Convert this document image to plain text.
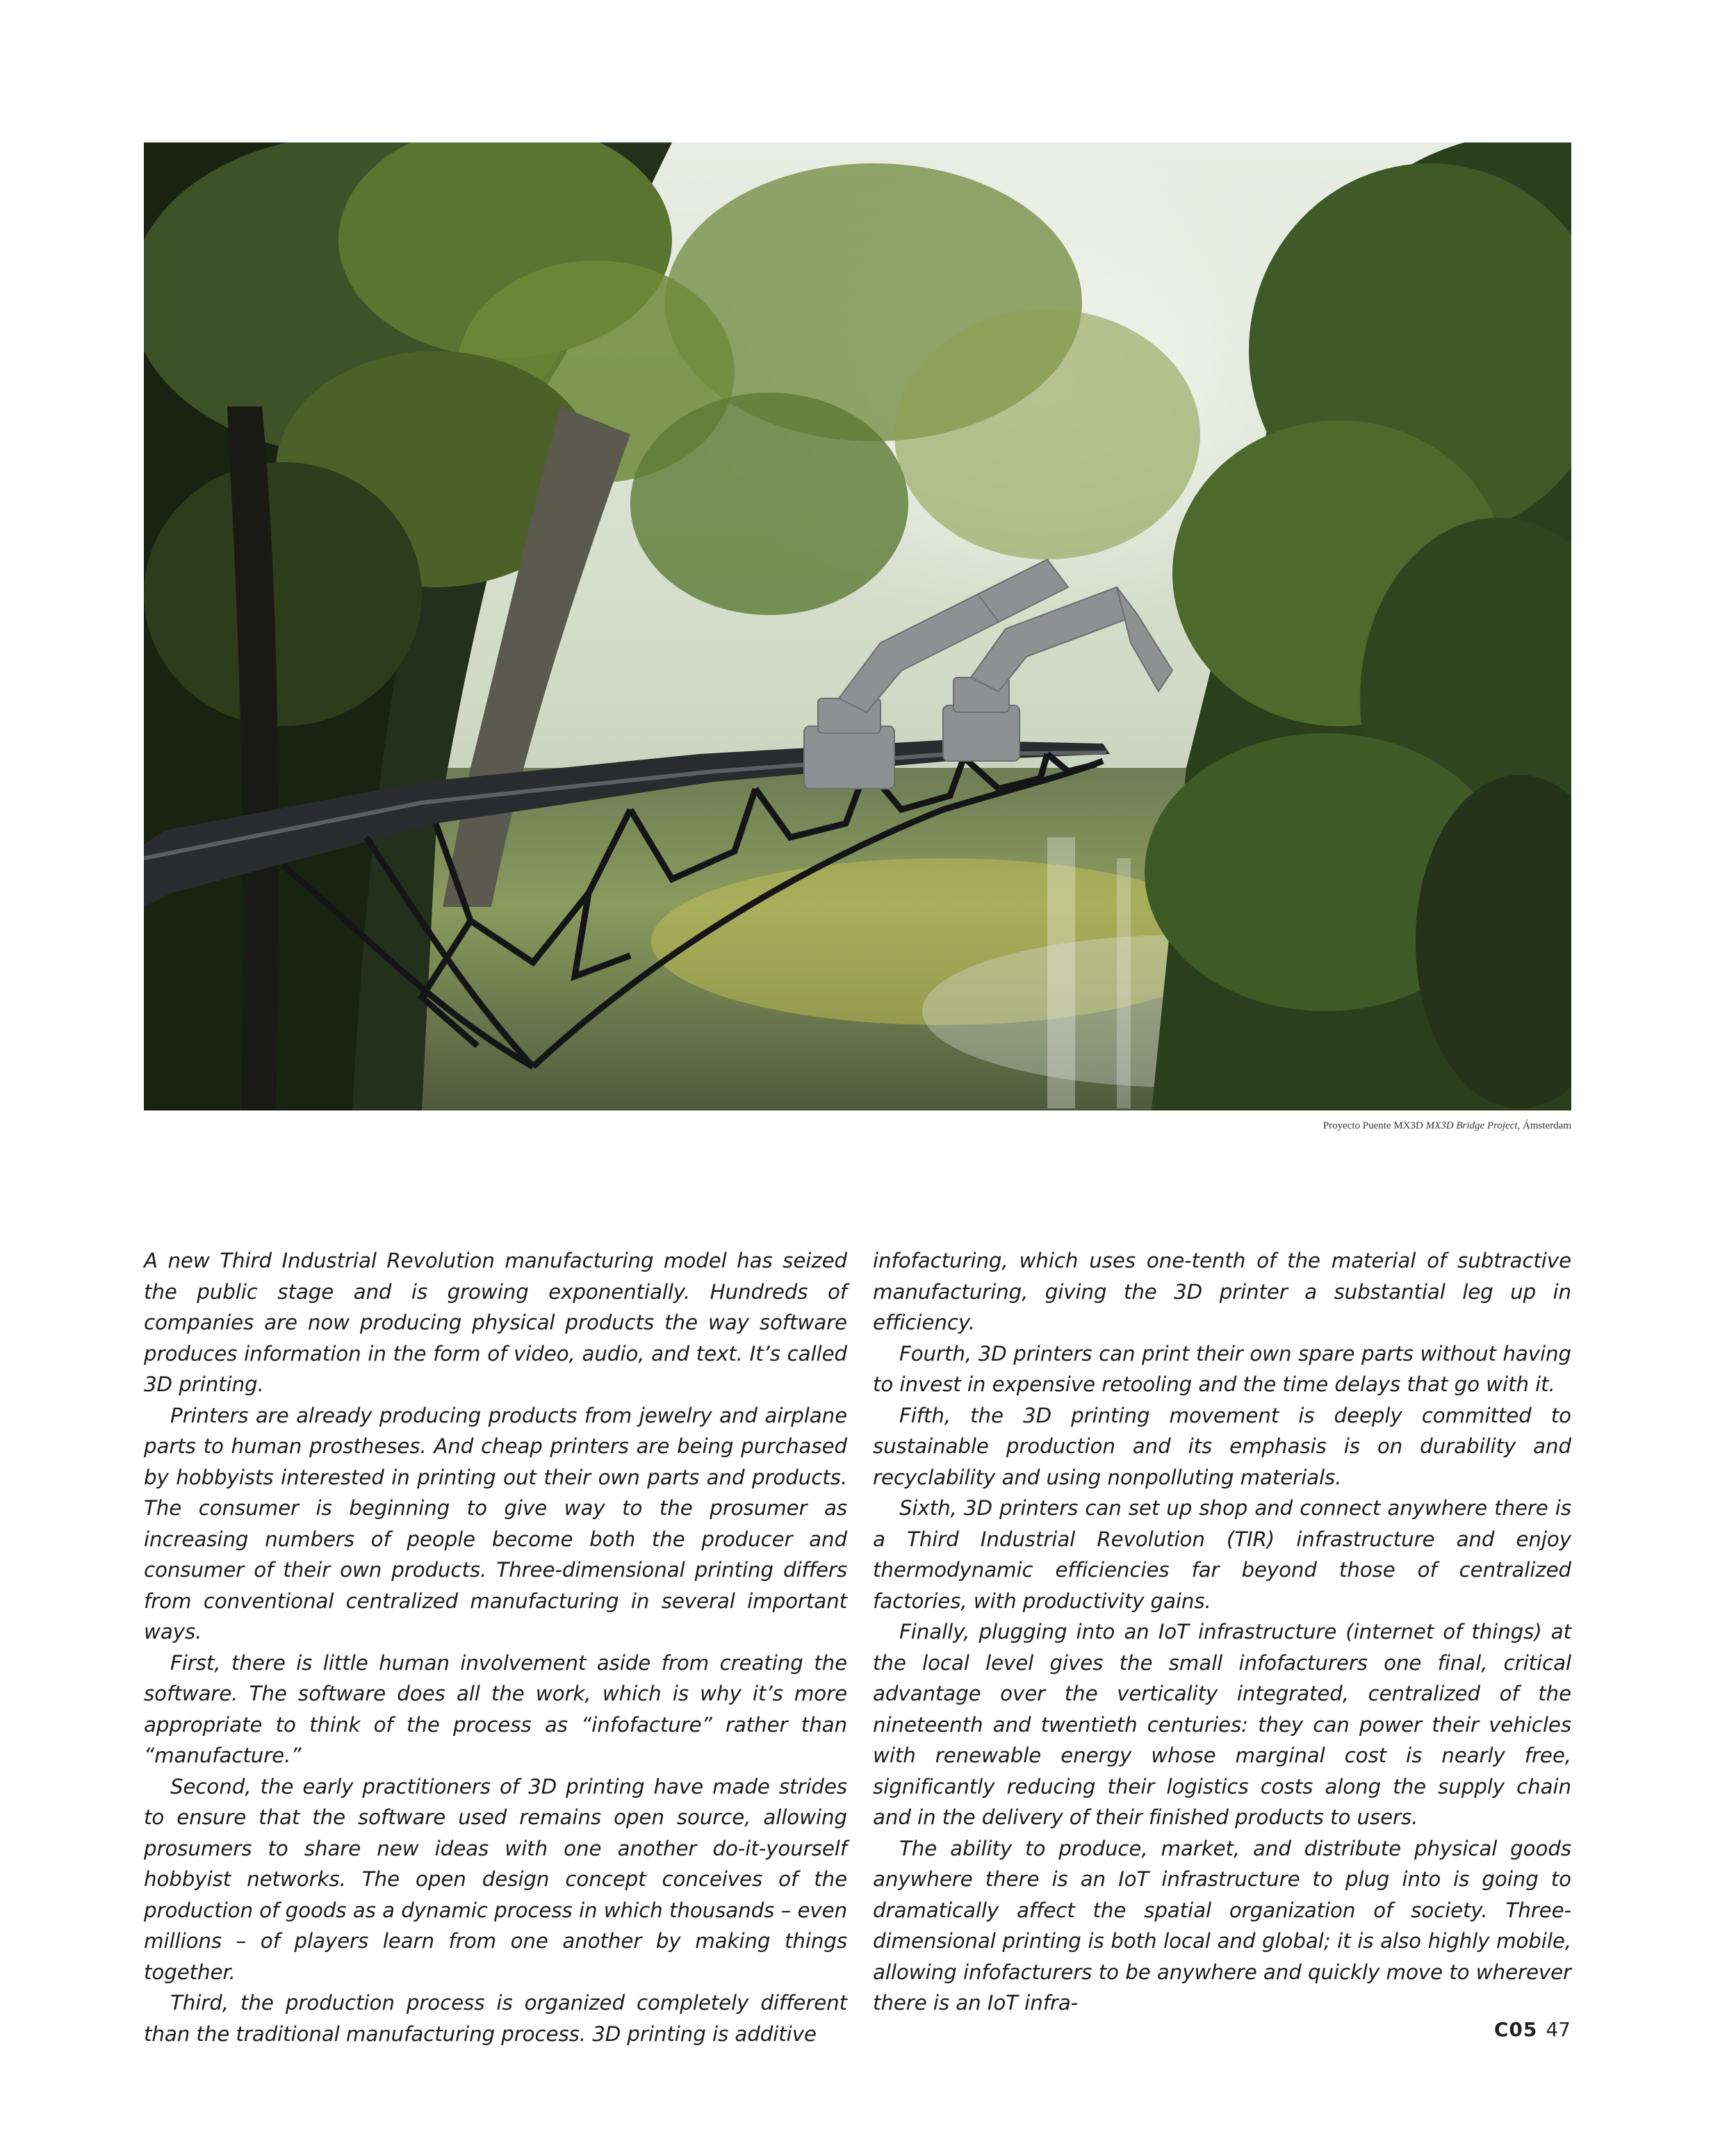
Proyecto Puente MX3D MX3D Bridge Project, Ámsterdam

A new Third Industrial Revolution manufacturing model has seized the public stage and is growing exponentially. Hundreds of companies are now producing physical products the way software produces information in the form of video, audio, and text. It’s called 3D printing.

Printers are already producing products from jewelry and airplane parts to human prostheses. And cheap printers are being purchased by hobbyists interested in printing out their own parts and products. The consumer is beginning to give way to the prosumer as increasing numbers of people become both the producer and consumer of their own products. Three-dimensional printing differs from conventional centralized manufacturing in several important ways.

First, there is little human involvement aside from creating the software. The software does all the work, which is why it’s more appropriate to think of the process as “infofacture” rather than “manufacture.”

Second, the early practitioners of 3D printing have made strides to ensure that the software used remains open source, allowing prosumers to share new ideas with one another do-it-yourself hobbyist networks. The open design concept conceives of the production of goods as a dynamic process in which thousands – even millions – of players learn from one another by making things together.

Third, the production process is organized completely different than the traditional manufacturing process. 3D printing is additive

infofacturing, which uses one-tenth of the material of subtractive manufacturing, giving the 3D printer a substantial leg up in efficiency.

Fourth, 3D printers can print their own spare parts without having to invest in expensive retooling and the time delays that go with it.

Fifth, the 3D printing movement is deeply committed to sustainable production and its emphasis is on durability and recyclability and using nonpolluting materials.

Sixth, 3D printers can set up shop and connect anywhere there is a Third Industrial Revolution (TIR) infrastructure and enjoy thermodynamic efficiencies far beyond those of centralized factories, with productivity gains.

Finally, plugging into an IoT infrastructure (internet of things) at the local level gives the small infofacturers one final, critical advantage over the verticality integrated, centralized of the nineteenth and twentieth centuries: they can power their vehicles with renewable energy whose marginal cost is nearly free, significantly reducing their logistics costs along the supply chain and in the delivery of their finished products to users.

The ability to produce, market, and distribute physical goods anywhere there is an IoT infrastructure to plug into is going to dramatically affect the spatial organization of society. Three-dimensional printing is both local and global; it is also highly mobile, allowing infofacturers to be anywhere and quickly move to wherever there is an IoT infra-

C05 47
